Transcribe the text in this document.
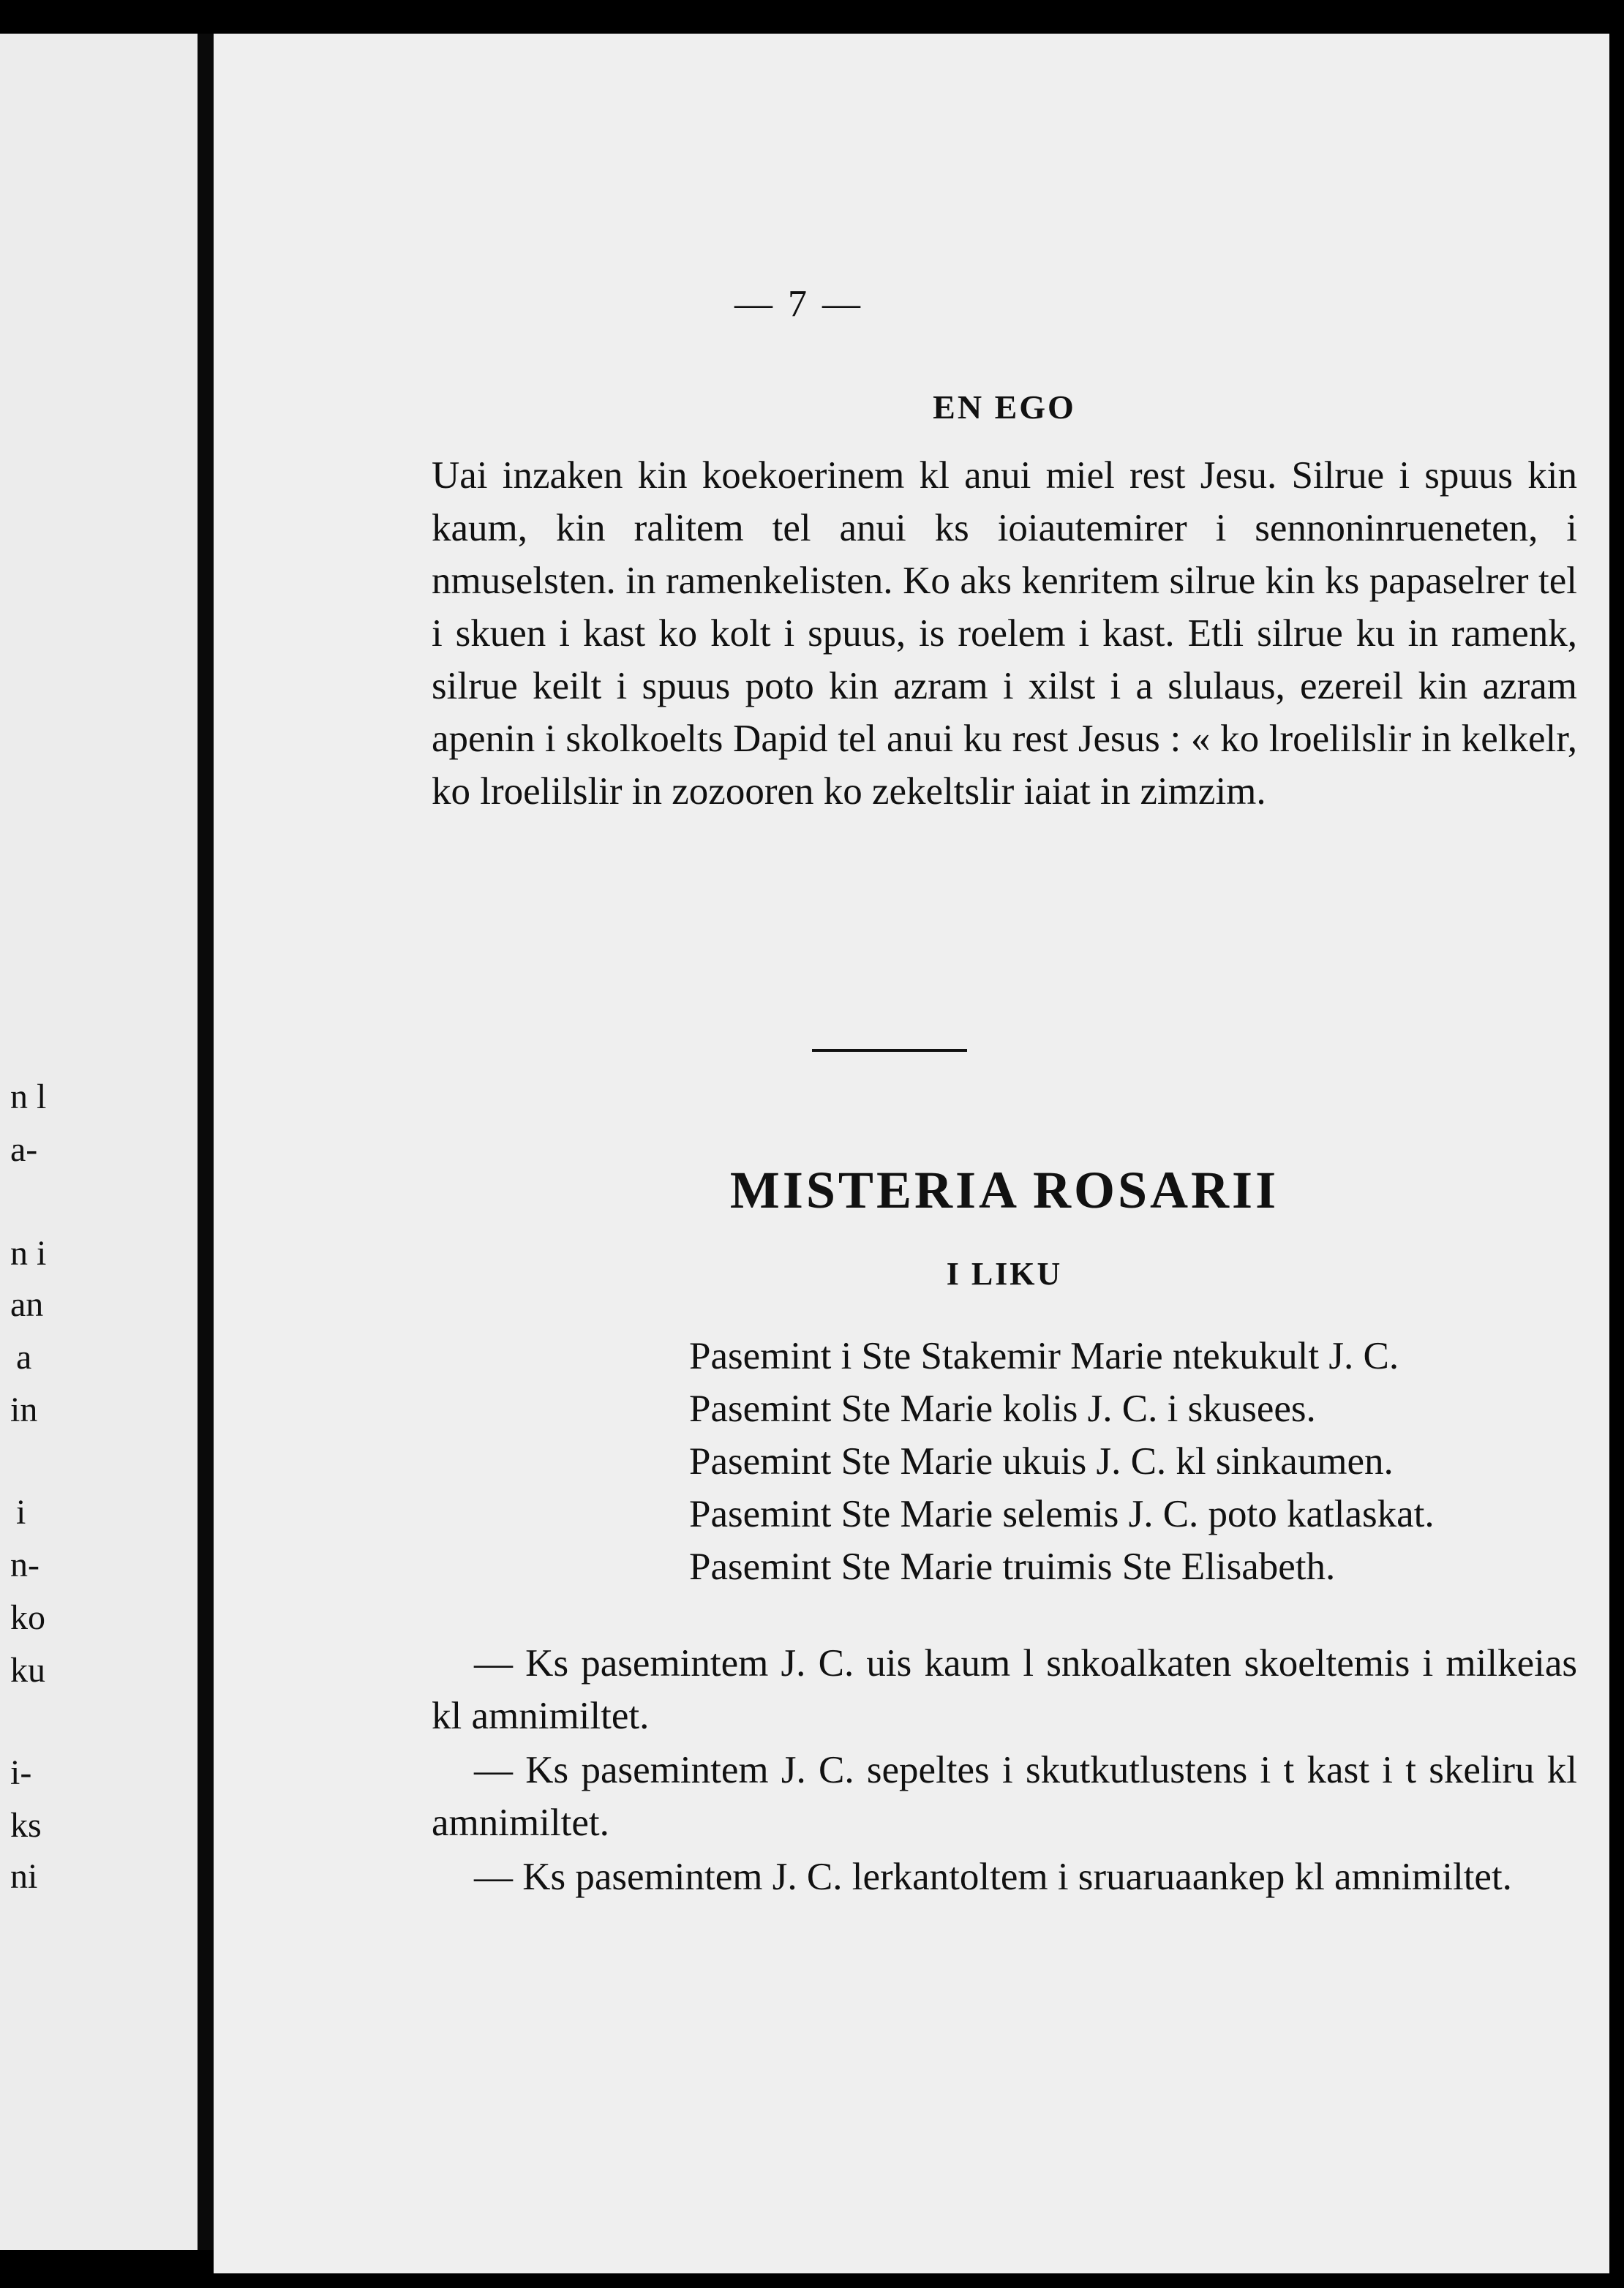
n l
a-
n i
an
a
in
i
n-
ko
ku
i-
ks
ni
— 7 —
EN EGO

Uai inzaken kin koekoerinem kl anui miel rest Jesu. Silrue i spuus kin kaum, kin ralitem tel anui ks ioiautemirer i sennoninrueneten, i nmuselsten. in ramenkelisten. Ko aks kenritem silrue kin ks papaselrer tel i skuen i kast ko kolt i spuus, is roelem i kast. Etli silrue ku in ramenk, silrue keilt i spuus poto kin azram i xilst i a slulaus, ezereil kin azram apenin i skolkoelts Dapid tel anui ku rest Jesus : « ko lroelilslir in kelkelr, ko lroelilslir in zozooren ko zekeltslir iaiat in zimzim.

MISTERIA ROSARII
I LIKU
Pasemint i Ste Stakemir Marie ntekukult J. C.
Pasemint Ste Marie kolis J. C. i skusees.
Pasemint Ste Marie ukuis J. C. kl sinkaumen.
Pasemint Ste Marie selemis J. C. poto katlaskat.
Pasemint Ste Marie truimis Ste Elisabeth.

— Ks pasemintem J. C. uis kaum l snkoalkaten skoeltemis i milkeias kl amnimiltet.

— Ks pasemintem J. C. sepeltes i skutkutlustens i t kast i t skeliru kl amnimiltet.

— Ks pasemintem J. C. lerkantoltem i sruaruaankep kl amnimiltet.
